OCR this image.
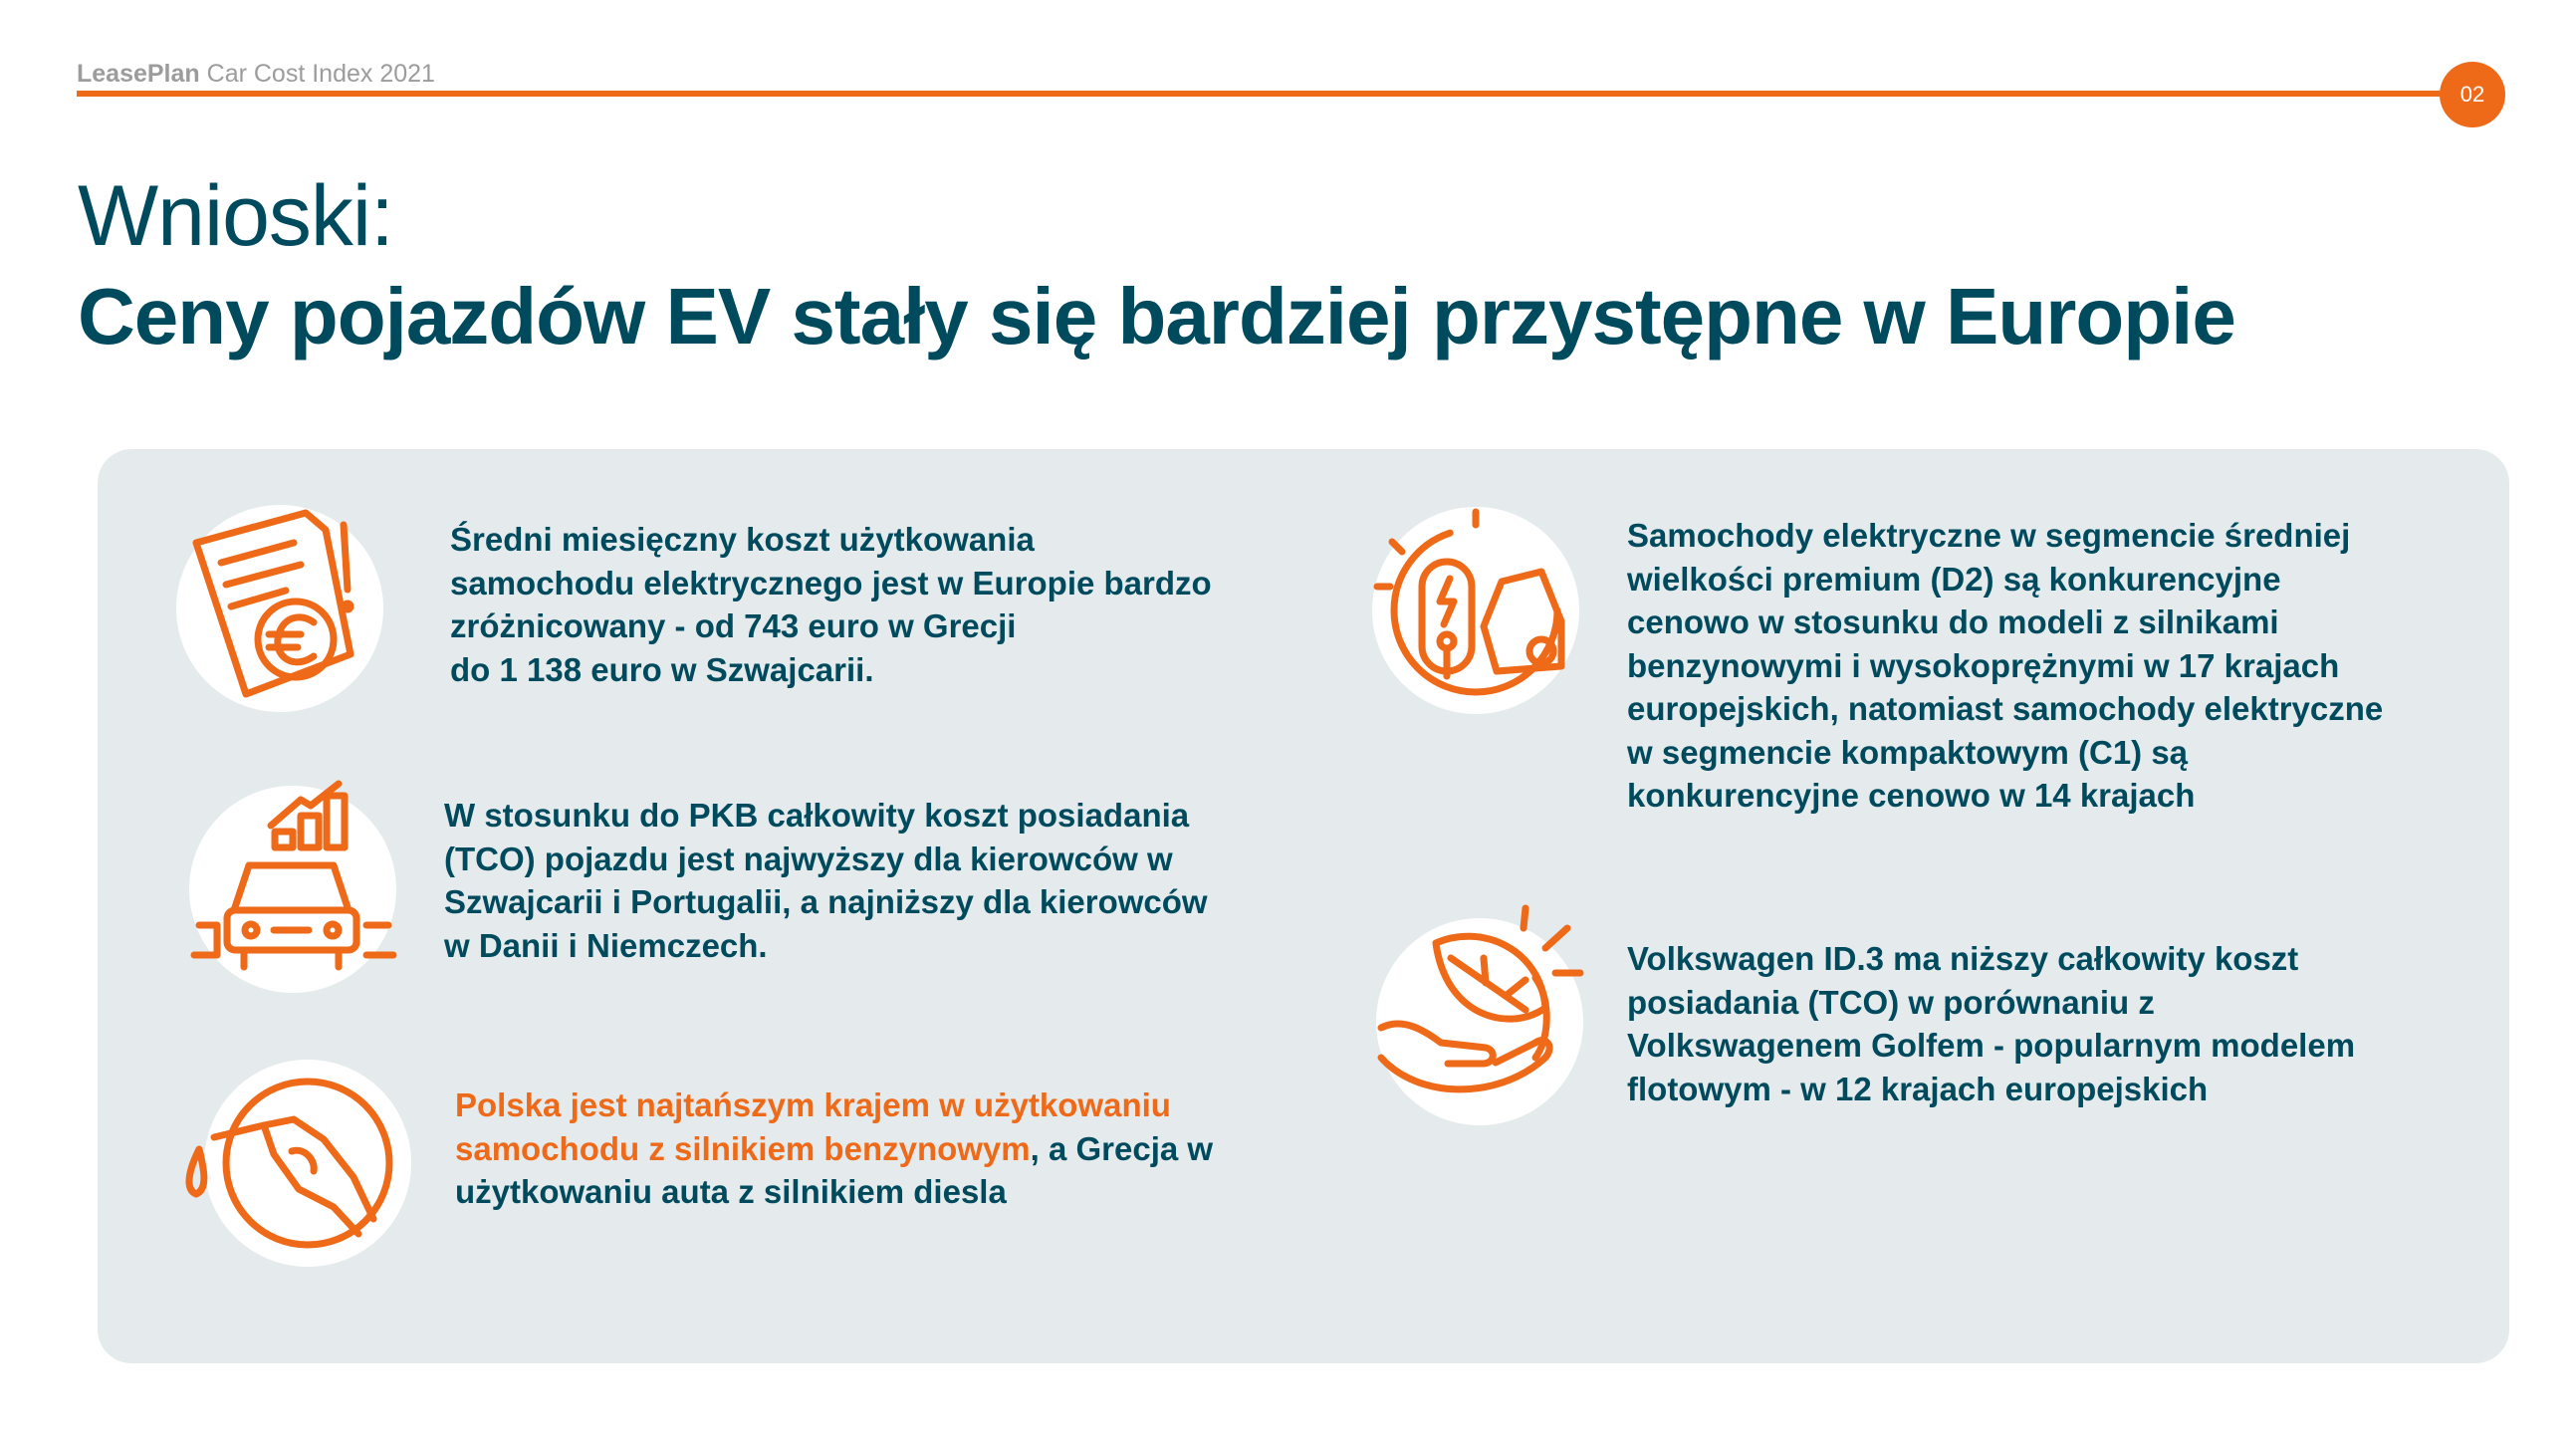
LeasePlan Car Cost Index 2021
02
Wnioski:
Ceny pojazdów EV stały się bardziej przystępne w Europie
Średni miesięczny koszt użytkowania
samochodu elektrycznego jest w Europie bardzo
zróżnicowany - od 743 euro w Grecji
do 1 138 euro w Szwajcarii.
W stosunku do PKB całkowity koszt posiadania
(TCO) pojazdu jest najwyższy dla kierowców w
Szwajcarii i Portugalii, a najniższy dla kierowców
w Danii i Niemczech.
Polska jest najtańszym krajem w użytkowaniu
samochodu z silnikiem benzynowym, a Grecja w
użytkowaniu auta z silnikiem diesla
Samochody elektryczne w segmencie średniej
wielkości premium (D2) są konkurencyjne
cenowo w stosunku do modeli z silnikami
benzynowymi i wysokoprężnymi w 17 krajach
europejskich, natomiast samochody elektryczne
w segmencie kompaktowym (C1) są
konkurencyjne cenowo w 14 krajach
Volkswagen ID.3 ma niższy całkowity koszt
posiadania (TCO) w porównaniu z
Volkswagenem Golfem - popularnym modelem
flotowym - w 12 krajach europejskich
